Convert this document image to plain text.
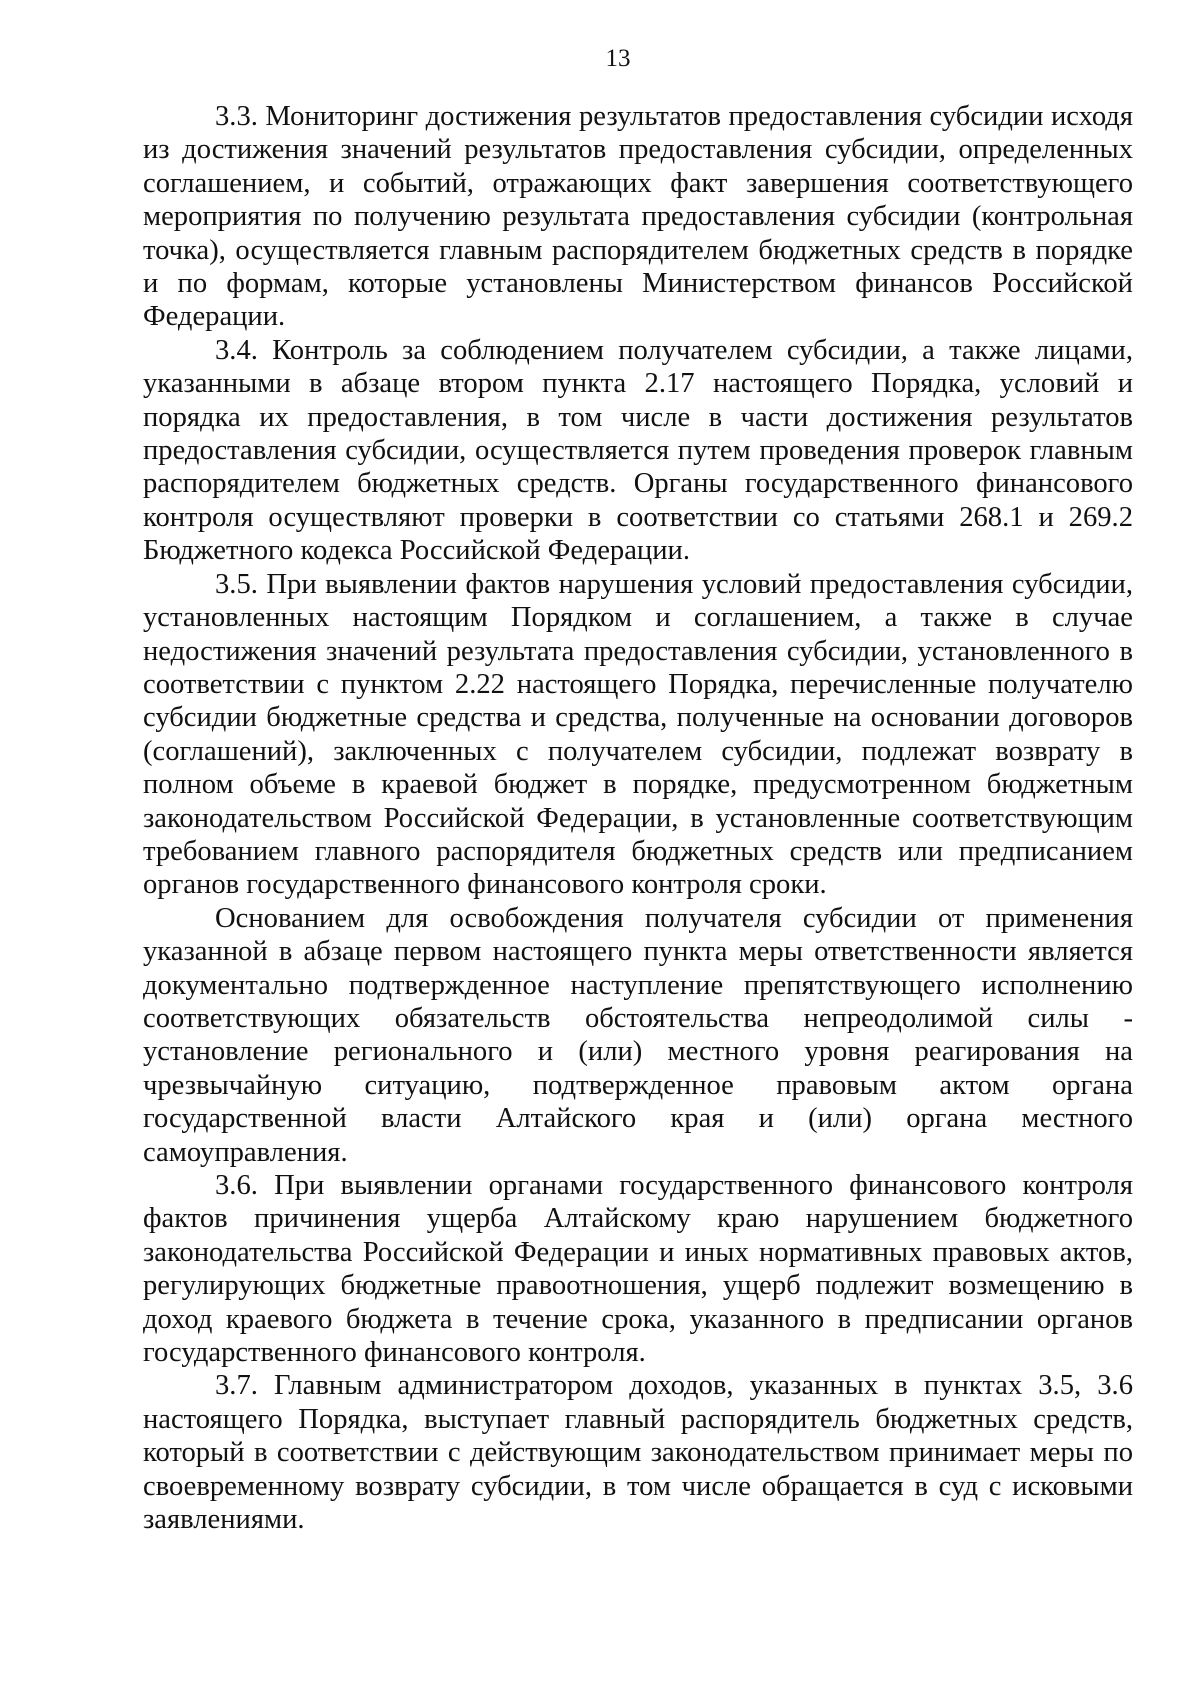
13

3.3. Мониторинг достижения результатов предоставления субсидии исходя из достижения значений результатов предоставления субсидии, определенных соглашением, и событий, отражающих факт завершения соответствующего мероприятия по получению результата предоставления субсидии (контрольная точка), осуществляется главным распорядителем бюджетных средств в порядке и по формам, которые установлены Министерством финансов Российской Федерации.

3.4. Контроль за соблюдением получателем субсидии, а также лицами, указанными в абзаце втором пункта 2.17 настоящего Порядка, условий и порядка их предоставления, в том числе в части достижения результатов предоставления субсидии, осуществляется путем проведения проверок главным распорядителем бюджетных средств. Органы государственного финансового контроля осуществляют проверки в соответствии со статьями 268.1 и 269.2 Бюджетного кодекса Российской Федерации.

3.5. При выявлении фактов нарушения условий предоставления субсидии, установленных настоящим Порядком и соглашением, а также в случае недостижения значений результата предоставления субсидии, установленного в соответствии с пунктом 2.22 настоящего Порядка, перечисленные получателю субсидии бюджетные средства и средства, полученные на основании договоров (соглашений), заключенных с получателем субсидии, подлежат возврату в полном объеме в краевой бюджет в порядке, предусмотренном бюджетным законодательством Российской Федерации, в установленные соответствующим требованием главного распорядителя бюджетных средств или предписанием органов государственного финансового контроля сроки.

Основанием для освобождения получателя субсидии от применения указанной в абзаце первом настоящего пункта меры ответственности является документально подтвержденное наступление препятствующего исполнению соответствующих обязательств обстоятельства непреодолимой силы - установление регионального и (или) местного уровня реагирования на чрезвычайную ситуацию, подтвержденное правовым актом органа государственной власти Алтайского края и (или) органа местного самоуправления.

3.6. При выявлении органами государственного финансового контроля фактов причинения ущерба Алтайскому краю нарушением бюджетного законодательства Российской Федерации и иных нормативных правовых актов, регулирующих бюджетные правоотношения, ущерб подлежит возмещению в доход краевого бюджета в течение срока, указанного в предписании органов государственного финансового контроля.

3.7. Главным администратором доходов, указанных в пунктах 3.5, 3.6 настоящего Порядка, выступает главный распорядитель бюджетных средств, который в соответствии с действующим законодательством принимает меры по своевременному возврату субсидии, в том числе обращается в суд с исковыми заявлениями.
